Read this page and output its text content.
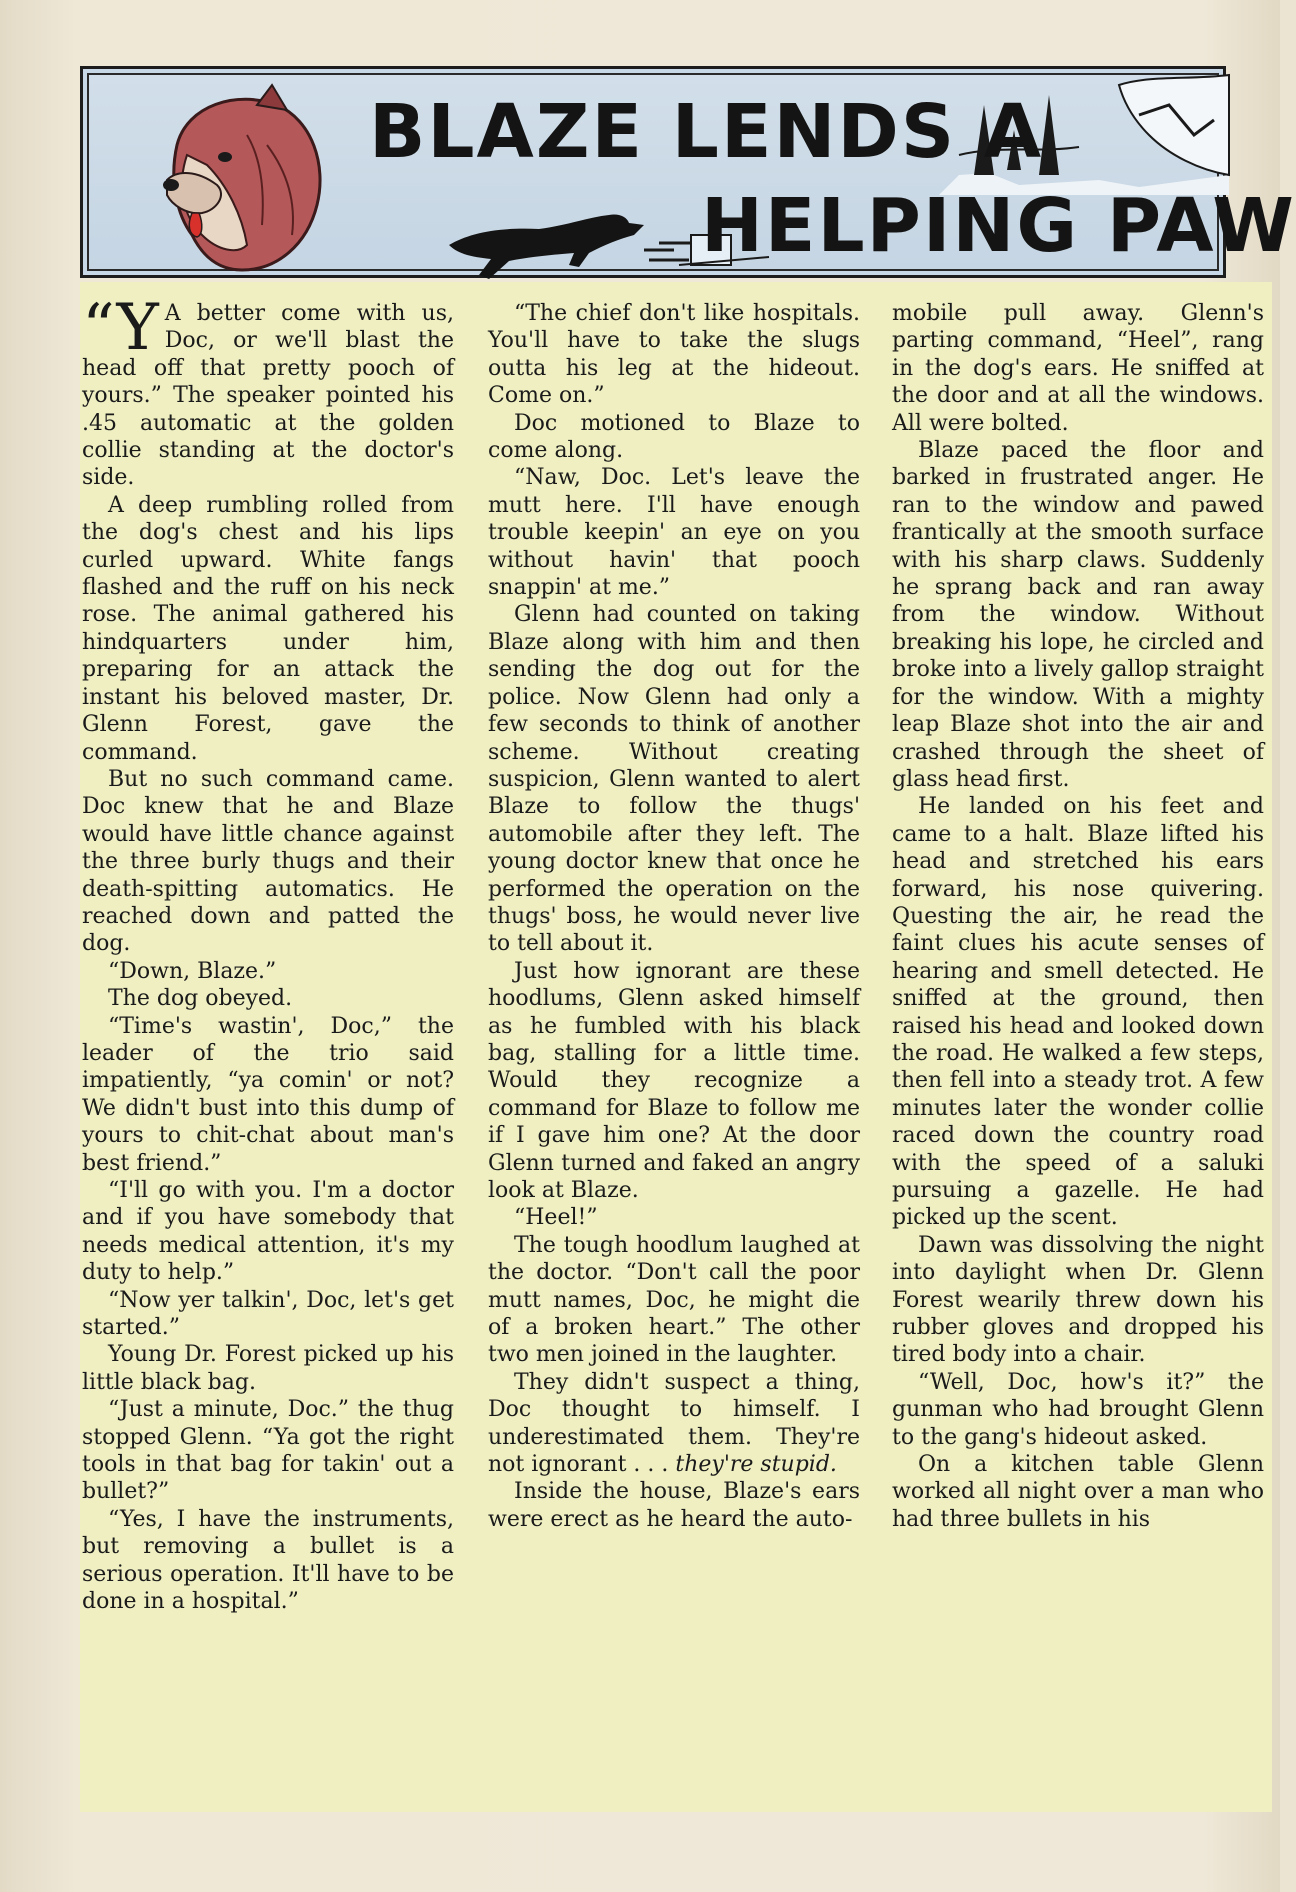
BLAZE LENDS A
HELPING PAW

“Y A better come with us, Doc, or we'll blast the head off that pretty pooch of yours.” The speaker pointed his .45 automatic at the golden collie standing at the doctor's side.

A deep rumbling rolled from the dog's chest and his lips curled upward. White fangs flashed and the ruff on his neck rose. The animal gathered his hindquarters under him, preparing for an attack the instant his beloved master, Dr. Glenn Forest, gave the command.

But no such command came. Doc knew that he and Blaze would have little chance against the three burly thugs and their death-spitting automatics. He reached down and patted the dog.

“Down, Blaze.”

The dog obeyed.

“Time's wastin', Doc,” the leader of the trio said impatiently, “ya comin' or not? We didn't bust into this dump of yours to chit-chat about man's best friend.”

“I'll go with you. I'm a doctor and if you have somebody that needs medical attention, it's my duty to help.”

“Now yer talkin', Doc, let's get started.”

Young Dr. Forest picked up his little black bag.

“Just a minute, Doc.” the thug stopped Glenn. “Ya got the right tools in that bag for takin' out a bullet?”

“Yes, I have the instruments, but removing a bullet is a serious operation. It'll have to be done in a hospital.”

“The chief don't like hospitals. You'll have to take the slugs outta his leg at the hideout. Come on.”

Doc motioned to Blaze to come along.

“Naw, Doc. Let's leave the mutt here. I'll have enough trouble keepin' an eye on you without havin' that pooch snappin' at me.”

Glenn had counted on taking Blaze along with him and then sending the dog out for the police. Now Glenn had only a few seconds to think of another scheme. Without creating suspicion, Glenn wanted to alert Blaze to follow the thugs' automobile after they left. The young doctor knew that once he performed the operation on the thugs' boss, he would never live to tell about it.

Just how ignorant are these hoodlums, Glenn asked himself as he fumbled with his black bag, stalling for a little time. Would they recognize a command for Blaze to follow me if I gave him one? At the door Glenn turned and faked an angry look at Blaze.

“Heel!”

The tough hoodlum laughed at the doctor. “Don't call the poor mutt names, Doc, he might die of a broken heart.” The other two men joined in the laughter.

They didn't suspect a thing, Doc thought to himself. I underestimated them. They're not ignorant . . . they're stupid.

Inside the house, Blaze's ears were erect as he heard the auto-

mobile pull away. Glenn's parting command, “Heel”, rang in the dog's ears. He sniffed at the door and at all the windows. All were bolted.

Blaze paced the floor and barked in frustrated anger. He ran to the window and pawed frantically at the smooth surface with his sharp claws. Suddenly he sprang back and ran away from the window. Without breaking his lope, he circled and broke into a lively gallop straight for the window. With a mighty leap Blaze shot into the air and crashed through the sheet of glass head first.

He landed on his feet and came to a halt. Blaze lifted his head and stretched his ears forward, his nose quivering. Questing the air, he read the faint clues his acute senses of hearing and smell detected. He sniffed at the ground, then raised his head and looked down the road. He walked a few steps, then fell into a steady trot. A few minutes later the wonder collie raced down the country road with the speed of a saluki pursuing a gazelle. He had picked up the scent.

Dawn was dissolving the night into daylight when Dr. Glenn Forest wearily threw down his rubber gloves and dropped his tired body into a chair.

“Well, Doc, how's it?” the gunman who had brought Glenn to the gang's hideout asked.

On a kitchen table Glenn worked all night over a man who had three bullets in his
